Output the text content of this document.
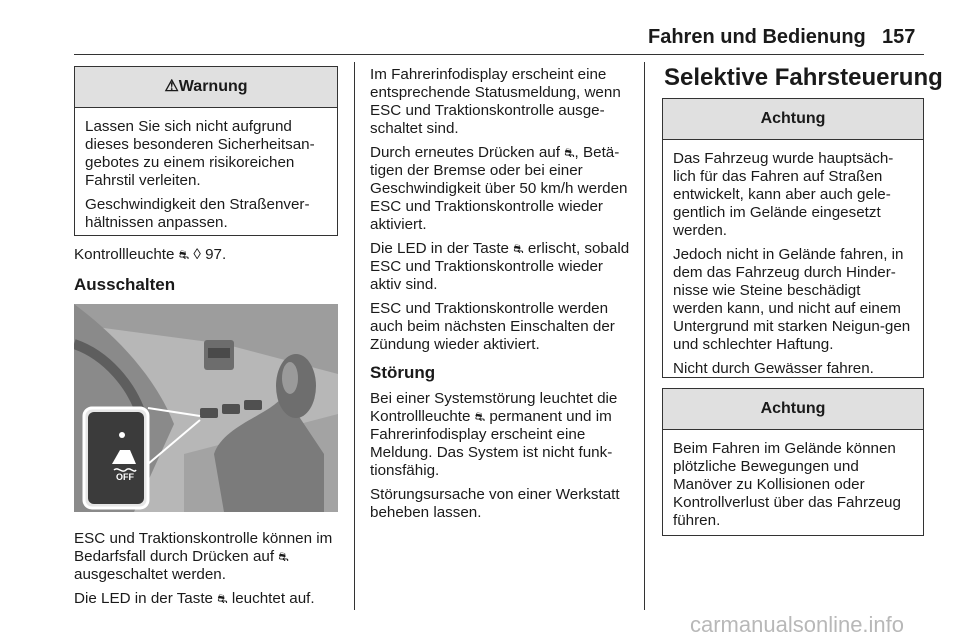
Fahren und Bedienung 157
⚠Warnung

Lassen Sie sich nicht aufgrund dieses besonderen Sicherheitsan-gebotes zu einem risikoreichen Fahrstil verleiten.

Geschwindigkeit den Straßenver-hältnissen anpassen.

Kontrollleuchte ⛐ ◊ 97.

Ausschalten

OFF

ESC und Traktionskontrolle können im Bedarfsfall durch Drücken auf ⛐ ausgeschaltet werden.

Die LED in der Taste ⛐ leuchtet auf.

Im Fahrerinfodisplay erscheint eine entsprechende Statusmeldung, wenn ESC und Traktionskontrolle ausge-schaltet sind.

Durch erneutes Drücken auf ⛐, Betä-tigen der Bremse oder bei einer Geschwindigkeit über 50 km/h werden ESC und Traktionskontrolle wieder aktiviert.

Die LED in der Taste ⛐ erlischt, sobald ESC und Traktionskontrolle wieder aktiv sind.

ESC und Traktionskontrolle werden auch beim nächsten Einschalten der Zündung wieder aktiviert.

Störung

Bei einer Systemstörung leuchtet die Kontrollleuchte ⛐ permanent und im Fahrerinfodisplay erscheint eine Meldung. Das System ist nicht funk-tionsfähig.

Störungsursache von einer Werkstatt beheben lassen.

Selektive Fahrsteuerung
Achtung

Das Fahrzeug wurde hauptsäch-lich für das Fahren auf Straßen entwickelt, kann aber auch gele-gentlich im Gelände eingesetzt werden.

Jedoch nicht in Gelände fahren, in dem das Fahrzeug durch Hinder-nisse wie Steine beschädigt werden kann, und nicht auf einem Untergrund mit starken Neigun-gen und schlechter Haftung.

Nicht durch Gewässer fahren.

Achtung

Beim Fahren im Gelände können plötzliche Bewegungen und Manöver zu Kollisionen oder Kontrollverlust über das Fahrzeug führen.

carmanualsonline.info
